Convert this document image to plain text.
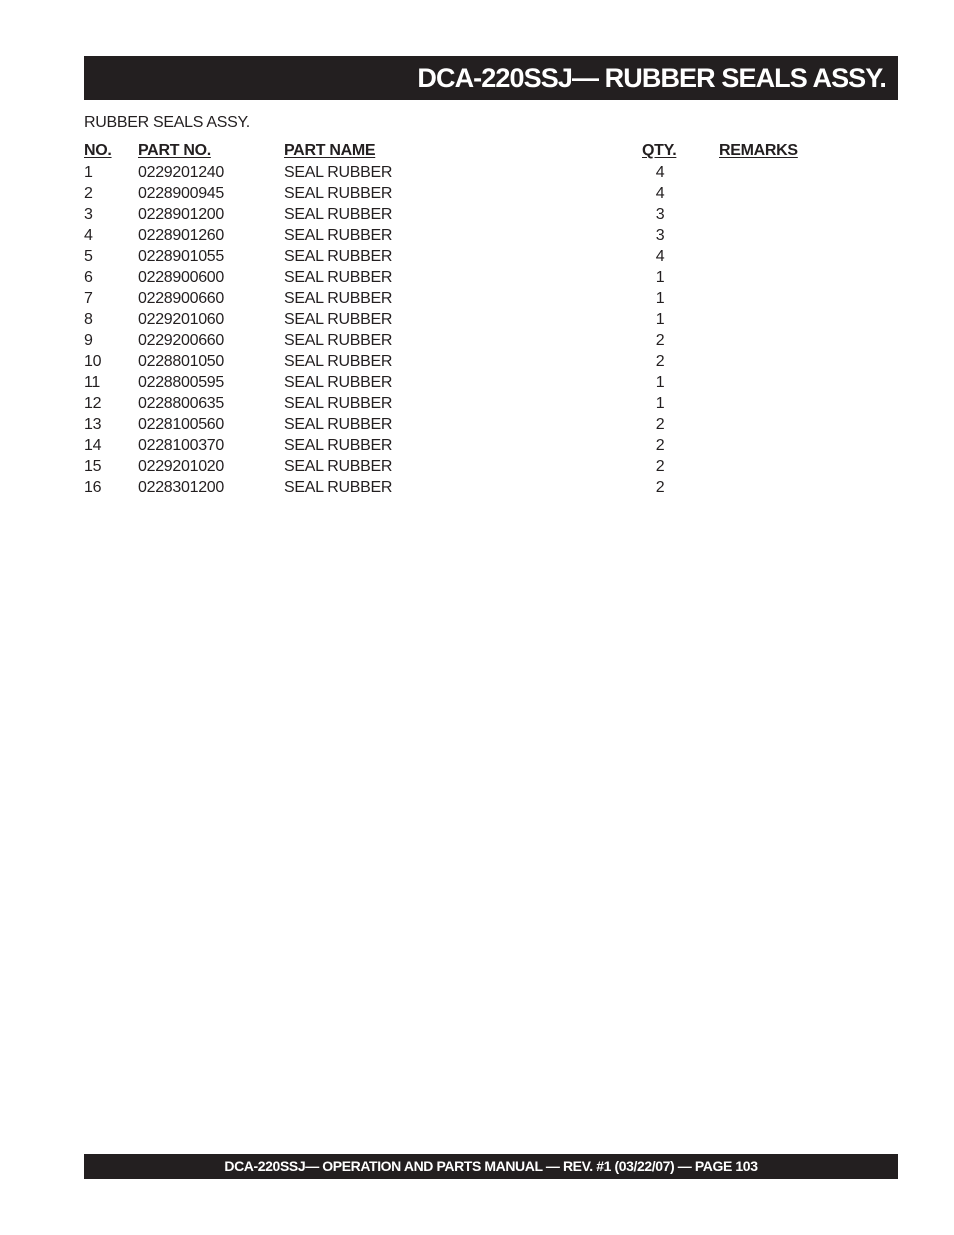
DCA-220SSJ— RUBBER SEALS ASSY.
RUBBER SEALS ASSY.
NO. PART NO.	PART NAME	QTY.	REMARKS
1	0229201240	SEAL RUBBER	4
2	0228900945	SEAL RUBBER	4
3	0228901200	SEAL RUBBER	3
4	0228901260	SEAL RUBBER	3
5	0228901055	SEAL RUBBER	4
6	0228900600	SEAL RUBBER	1
7	0228900660	SEAL RUBBER	1
8	0229201060	SEAL RUBBER	1
9	0229200660	SEAL RUBBER	2
10 0228801050	SEAL RUBBER	2
11 0228800595	SEAL RUBBER	1
12 0228800635	SEAL RUBBER	1
13 0228100560	SEAL RUBBER	2
14 0228100370	SEAL RUBBER	2
15 0229201020	SEAL RUBBER	2
16 0228301200	SEAL RUBBER	2
DCA-220SSJ— OPERATION AND PARTS MANUAL — REV. #1 (03/22/07) — PAGE 103
